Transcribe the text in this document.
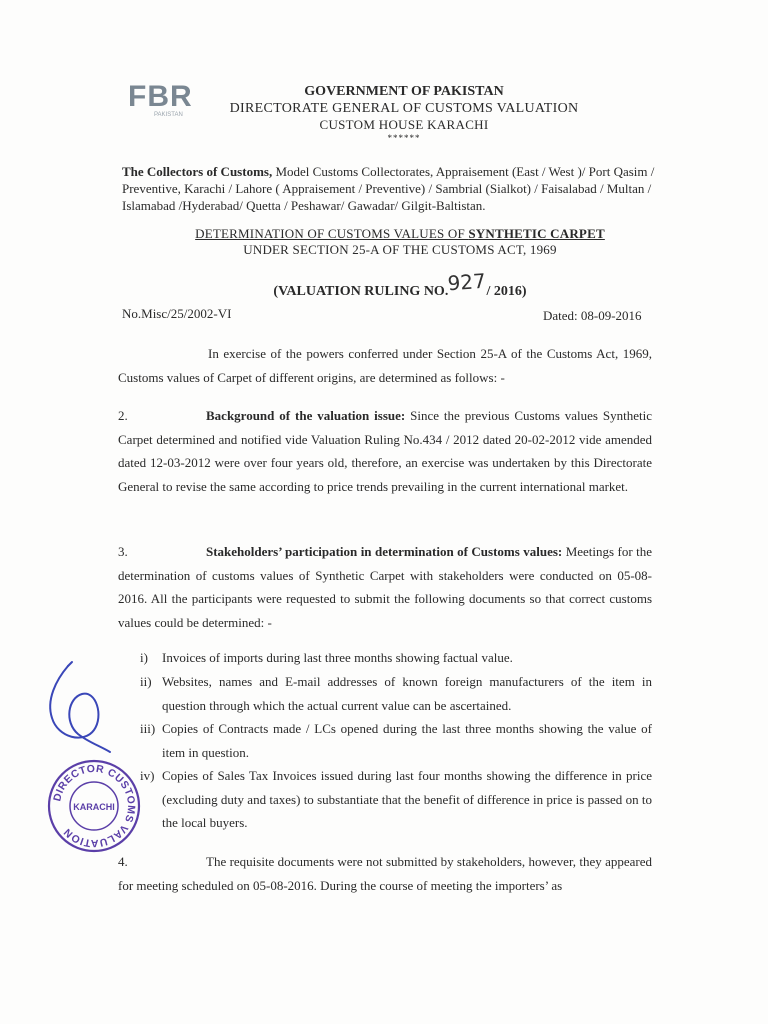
FBR
PAKISTAN
GOVERNMENT OF PAKISTAN
DIRECTORATE GENERAL OF CUSTOMS VALUATION
CUSTOM HOUSE KARACHI
******
The Collectors of Customs, Model Customs Collectorates, Appraisement (East / West )/ Port Qasim / Preventive, Karachi / Lahore ( Appraisement / Preventive) / Sambrial (Sialkot) / Faisalabad / Multan / Islamabad /Hyderabad/ Quetta / Peshawar/ Gawadar/ Gilgit-Baltistan.
DETERMINATION OF CUSTOMS VALUES OF SYNTHETIC CARPET
UNDER SECTION 25-A OF THE CUSTOMS ACT, 1969
(VALUATION RULING NO.927/ 2016)
No.Misc/25/2002-VI	Dated: 08-09-2016
In exercise of the powers conferred under Section 25-A of the Customs Act, 1969, Customs values of Carpet of different origins, are determined as follows: -
2.	Background of the valuation issue: Since the previous Customs values Synthetic Carpet determined and notified vide Valuation Ruling No.434 / 2012 dated 20-02-2012 vide amended dated 12-03-2012 were over four years old, therefore, an exercise was undertaken by this Directorate General to revise the same according to price trends prevailing in the current international market.
3.	Stakeholders’ participation in determination of Customs values: Meetings for the determination of customs values of Synthetic Carpet with stakeholders were conducted on 05-08-2016. All the participants were requested to submit the following documents so that correct customs values could be determined: -
i)	Invoices of imports during last three months showing factual value.
ii) Websites, names and E-mail addresses of known foreign manufacturers of the item in question through which the actual current value can be ascertained.
iii) Copies of Contracts made / LCs opened during the last three months showing the value of item in question.
iv) Copies of Sales Tax Invoices issued during last four months showing the difference in price (excluding duty and taxes) to substantiate that the benefit of difference in price is passed on to the local buyers.
4.	The requisite documents were not submitted by stakeholders, however, they appeared for meeting scheduled on 05-08-2016. During the course of meeting the importers’ as
DIRECTOR CUSTOMS VALUATION
KARACHI
